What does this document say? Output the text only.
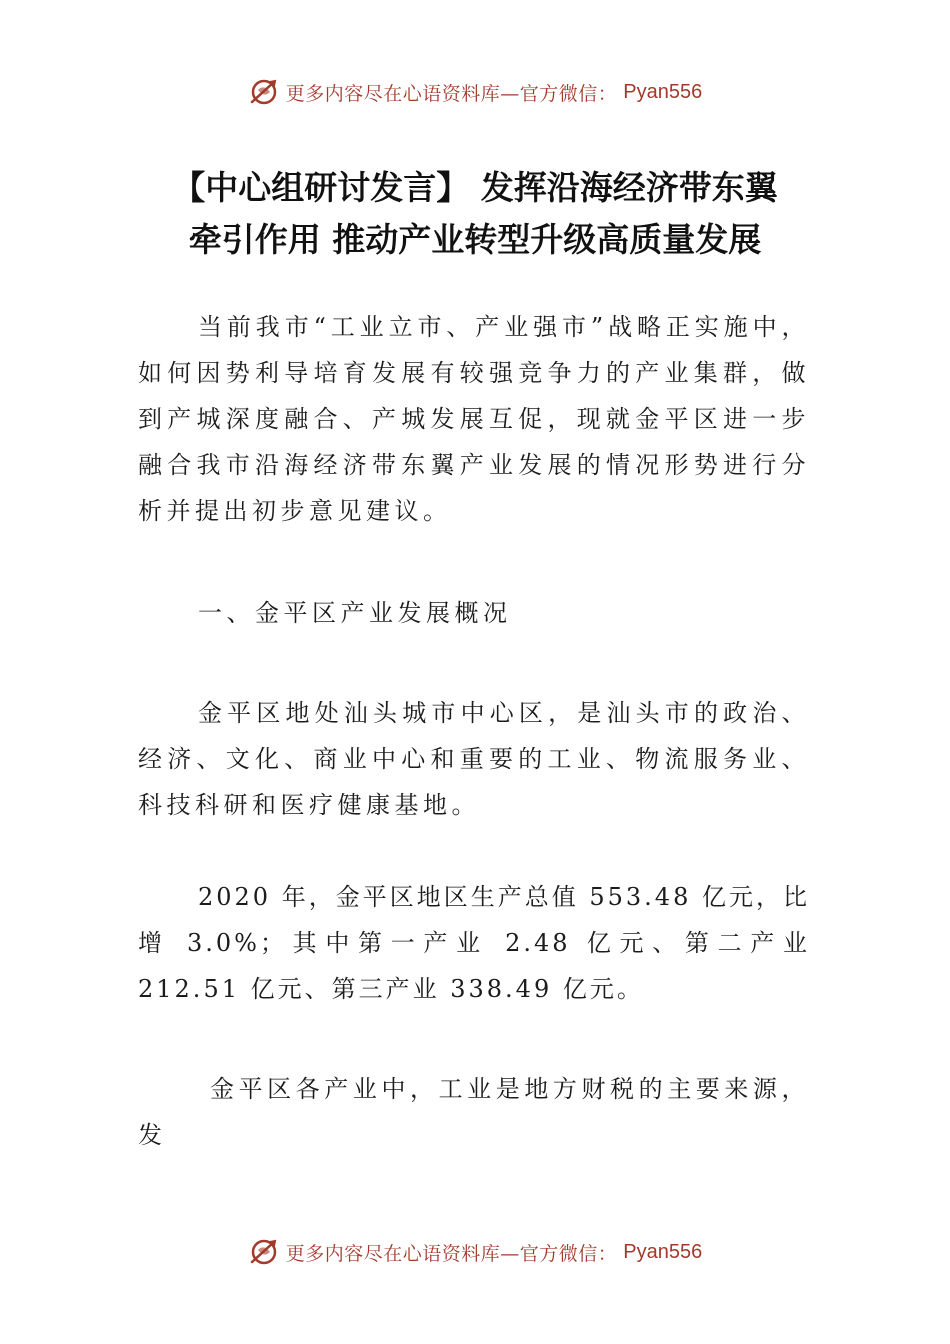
更多内容尽在心语资料库—官方微信： Pyan556
【中心组研讨发言】 发挥沿海经济带东翼
牵引作用 推动产业转型升级高质量发展

当前我市“工业立市、产业强市”战略正实施中，如何因势利导培育发展有较强竞争力的产业集群，做到产城深度融合、产城发展互促，现就金平区进一步融合我市沿海经济带东翼产业发展的情况形势进行分析并提出初步意见建议。

一、金平区产业发展概况

金平区地处汕头城市中心区，是汕头市的政治、经济、文化、商业中心和重要的工业、物流服务业、科技科研和医疗健康基地。

2020 年，金平区地区生产总值 553.48 亿元，比增 3.0%；其中第一产业 2.48 亿元、第二产业 212.51 亿元、第三产业 338.49 亿元。

金平区各产业中，工业是地方财税的主要来源，发

更多内容尽在心语资料库—官方微信： Pyan556
